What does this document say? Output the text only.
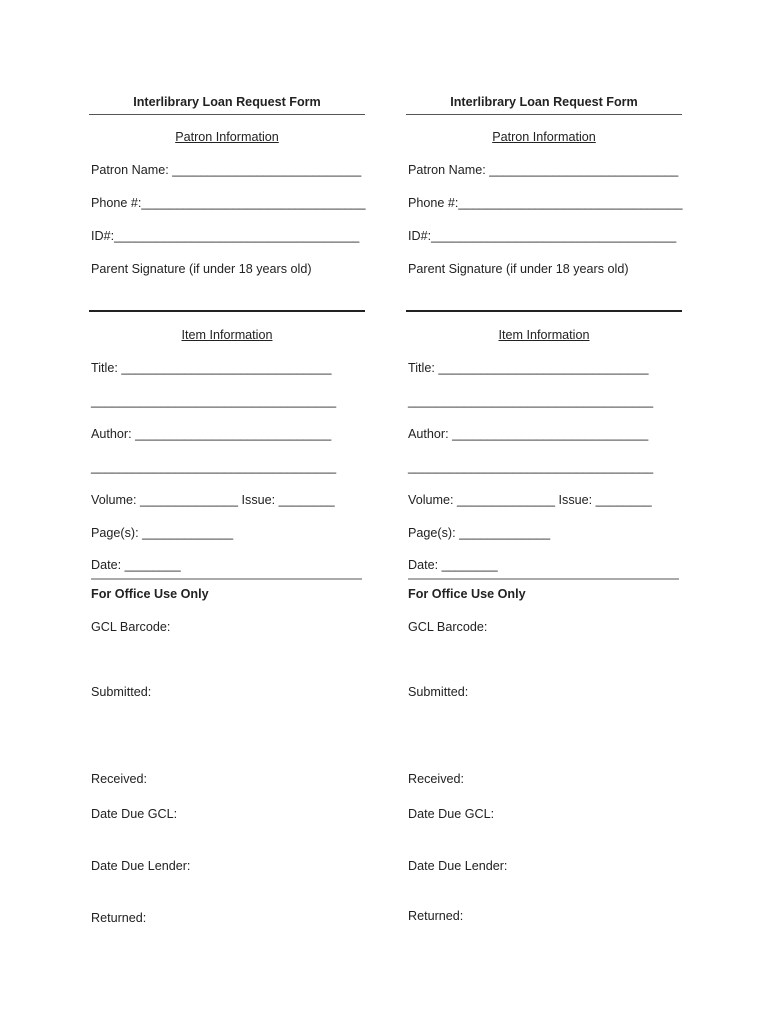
Interlibrary Loan Request Form
Patron Information
Patron Name: ___________________________
Phone #:________________________________
ID#:___________________________________
Parent Signature (if under 18 years old)
Item Information
Title: ______________________________
___________________________________
Author: ____________________________
___________________________________
Volume: ______________ Issue: ________
Page(s): _____________
Date: ________
For Office Use Only
GCL Barcode:
Submitted:
Received:
Date Due GCL:
Date Due Lender:
Returned:
Interlibrary Loan Request Form
Patron Information
Patron Name: ___________________________
Phone #:________________________________
ID#:___________________________________
Parent Signature (if under 18 years old)
Item Information
Title: ______________________________
___________________________________
Author: ____________________________
___________________________________
Volume: ______________ Issue: ________
Page(s): _____________
Date: ________
For Office Use Only
GCL Barcode:
Submitted:
Received:
Date Due GCL:
Date Due Lender:
Returned:
